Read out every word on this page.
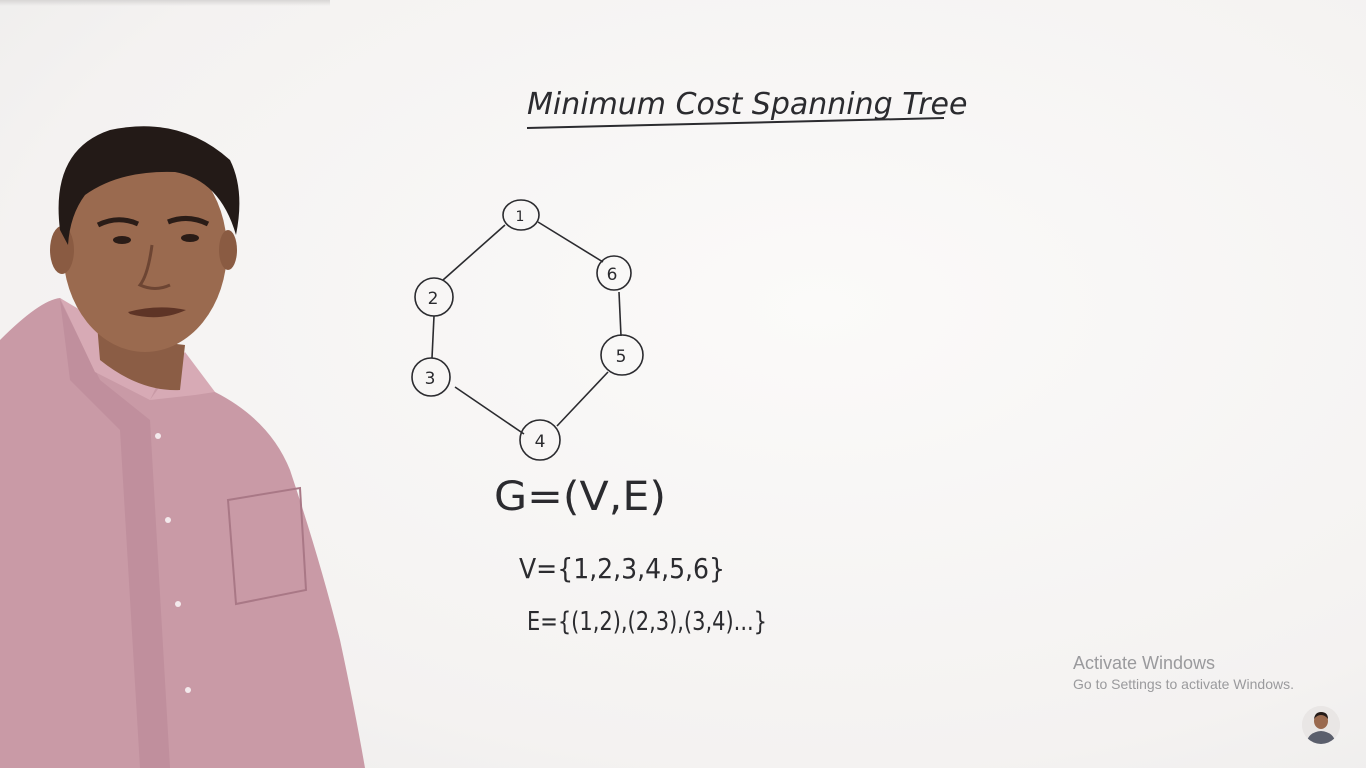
Minimum Cost Spanning Tree
1
2
3
4
5
6
G=(V,E)
V={1,2,3,4,5,6}
E={(1,2),(2,3),(3,4)...}
Activate Windows
Go to Settings to activate Windows.
